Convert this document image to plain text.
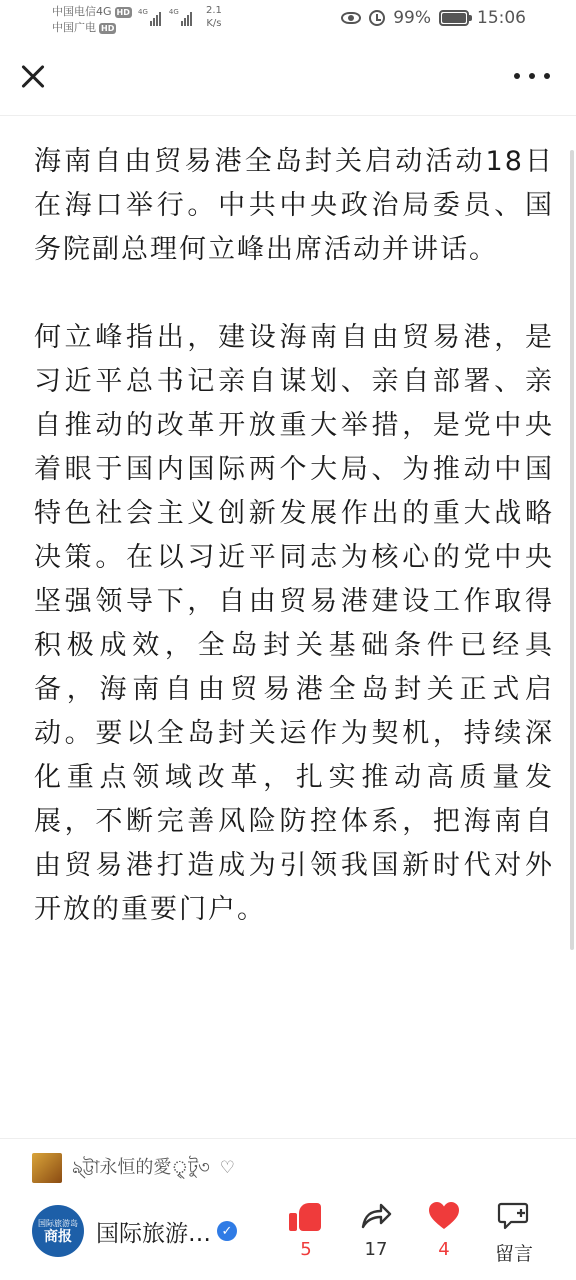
中国电信4G HD
中国广电 HD
4G	4G	2.1
K/s	99%	15:06

海南自由贸易港全岛封关启动活动18日在海口举行。中共中央政治局委员、国务院副总理何立峰出席活动并讲话。

何立峰指出，建设海南自由贸易港，是习近平总书记亲自谋划、亲自部署、亲自推动的改革开放重大举措，是党中央着眼于国内国际两个大局、为推动中国特色社会主义创新发展作出的重大战略决策。在以习近平同志为核心的党中央坚强领导下，自由贸易港建设工作取得积极成效，全岛封关基础条件已经具备，海南自由贸易港全岛封关正式启动。要以全岛封关运作为契机，持续深化重点领域改革，扎实推动高质量发展，不断完善风险防控体系，把海南自由贸易港打造成为引领我国新时代对外开放的重要门户。

ঌ্ট্টা永恒的愛ৃ্টু৩ ♡
国际旅游岛
商报 国际旅游… ✓
5	17	4	留言
